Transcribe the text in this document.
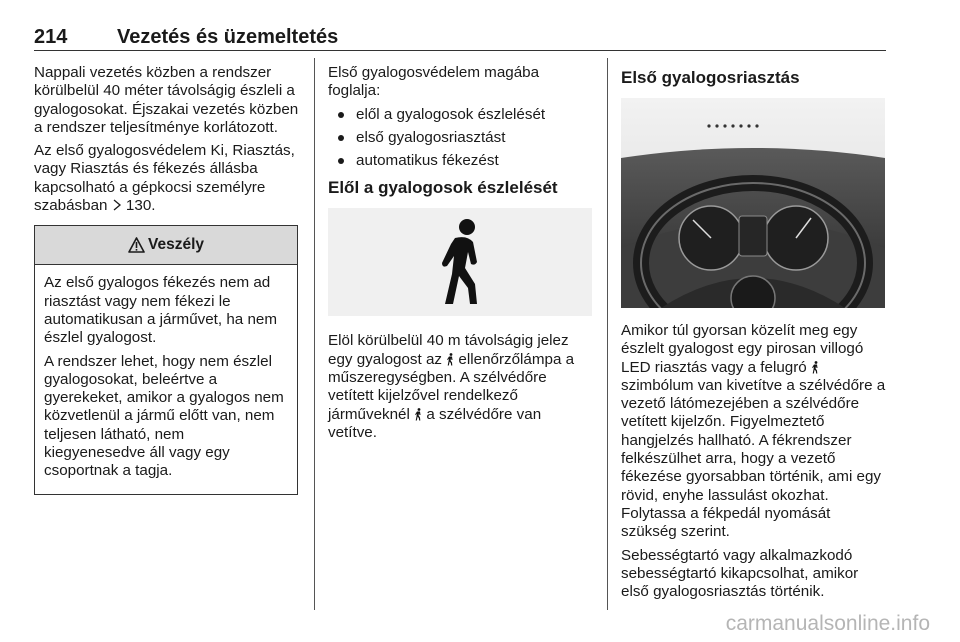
214 Vezetés és üzemeltetés

Nappali vezetés közben a rendszer körülbelül 40 méter távolságig észleli a gyalogosokat. Éjszakai vezetés közben a rendszer teljesítménye korlátozott.

Az első gyalogosvédelem Ki, Riasztás, vagy Riasztás és fékezés állásba kapcsolható a gépkocsi személyre szabásban  130.

Veszély

Az első gyalogos fékezés nem ad riasztást vagy nem fékezi le automatikusan a járművet, ha nem észlel gyalogost.

A rendszer lehet, hogy nem észlel gyalogosokat, beleértve a gyerekeket, amikor a gyalogos nem közvetlenül a jármű előtt van, nem teljesen látható, nem kiegyenesedve áll vagy egy csoportnak a tagja.

Első gyalogosvédelem magába foglalja:

elől a gyalogosok észlelését
első gyalogosriasztást
automatikus fékezést
Elől a gyalogosok észlelését

Elöl körülbelül 40 m távolságig jelez egy gyalogost az  ellenőrzőlámpa a műszeregységben. A szélvédőre vetített kijelzővel rendelkező járműveknél  a szélvédőre van vetítve.

Első gyalogosriasztás

Amikor túl gyorsan közelít meg egy észlelt gyalogost egy pirosan villogó LED riasztás vagy a felugró  szimbólum van kivetítve a szélvédőre a vezető látómezejében a szélvédőre vetített kijelzőn. Figyelmeztető hangjelzés hallható. A fékrendszer felkészülhet arra, hogy a vezető fékezése gyorsabban történik, ami egy rövid, enyhe lassulást okozhat. Folytassa a fékpedál nyomását szükség szerint.

Sebességtartó vagy alkalmazkodó sebességtartó kikapcsolhat, amikor első gyalogosriasztás történik.

carmanualsonline.info
